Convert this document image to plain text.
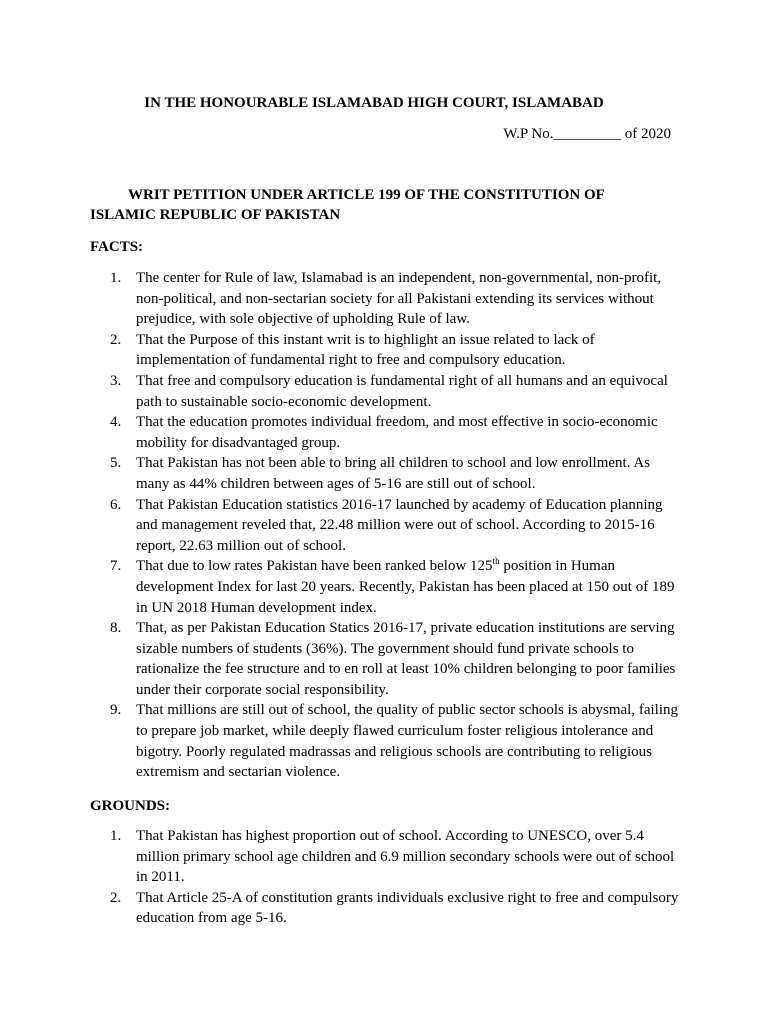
IN THE HONOURABLE ISLAMABAD HIGH COURT, ISLAMABAD

W.P No._________ of 2020

WRIT PETITION UNDER ARTICLE 199 OF THE CONSTITUTION OF
ISLAMIC REPUBLIC OF PAKISTAN

FACTS:

1. The center for Rule of law, Islamabad is an independent, non-governmental, non-profit, non-political, and non-sectarian society for all Pakistani extending its services without prejudice, with sole objective of upholding Rule of law.
2. That the Purpose of this instant writ is to highlight an issue related to lack of implementation of fundamental right to free and compulsory education.
3. That free and compulsory education is fundamental right of all humans and an equivocal path to sustainable socio-economic development.
4. That the education promotes individual freedom, and most effective in socio-economic mobility for disadvantaged group.
5. That Pakistan has not been able to bring all children to school and low enrollment. As many as 44% children between ages of 5-16 are still out of school.
6. That Pakistan Education statistics 2016-17 launched by academy of Education planning and management reveled that, 22.48 million were out of school. According to 2015-16 report, 22.63 million out of school.
7. That due to low rates Pakistan have been ranked below 125th position in Human development Index for last 20 years. Recently, Pakistan has been placed at 150 out of 189 in UN 2018 Human development index.
8. That, as per Pakistan Education Statics 2016-17, private education institutions are serving sizable numbers of students (36%). The government should fund private schools to rationalize the fee structure and to en roll at least 10% children belonging to poor families under their corporate social responsibility.
9. That millions are still out of school, the quality of public sector schools is abysmal, failing to prepare job market, while deeply flawed curriculum foster religious intolerance and bigotry. Poorly regulated madrassas and religious schools are contributing to religious extremism and sectarian violence.

GROUNDS:

1. That Pakistan has highest proportion out of school. According to UNESCO, over 5.4 million primary school age children and 6.9 million secondary schools were out of school in 2011.
2. That Article 25-A of constitution grants individuals exclusive right to free and compulsory education from age 5-16.
